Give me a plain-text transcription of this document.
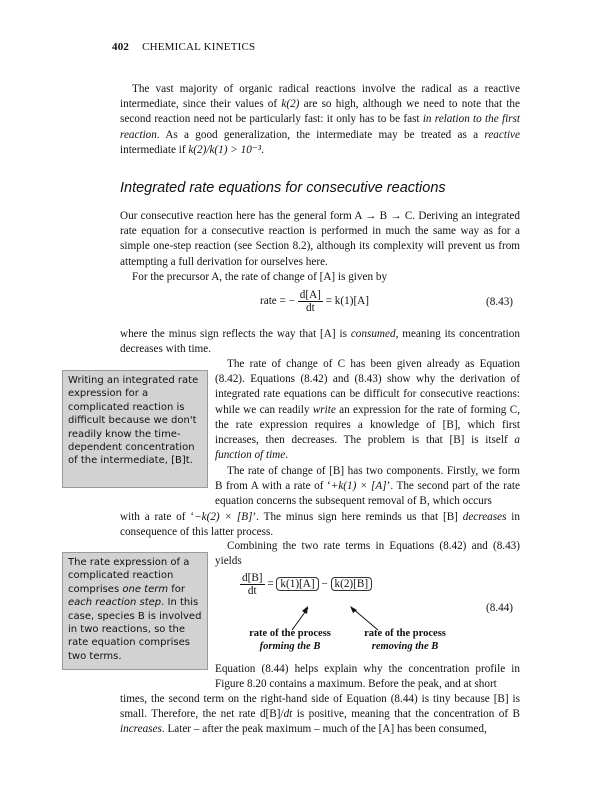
402 CHEMICAL KINETICS

The vast majority of organic radical reactions involve the radical as a reactive intermediate, since their values of k(2) are so high, although we need to note that the second reaction need not be particularly fast: it only has to be fast in relation to the first reaction. As a good generalization, the intermediate may be treated as a reactive intermediate if k(2)/k(1) > 10⁻³.

Integrated rate equations for consecutive reactions

Our consecutive reaction here has the general form A → B → C. Deriving an integrated rate equation for a consecutive reaction is performed in much the same way as for a simple one-step reaction (see Section 8.2), although its complexity will prevent us from attempting a full derivation for ourselves here.

For the precursor A, the rate of change of [A] is given by

rate = − $\frac{d[A]}{dt} = k(1)[A]$	(8.43)

where the minus sign reflects the way that [A] is consumed, meaning its concentration decreases with time.

Writing an integrated rate expression for a complicated reaction is difficult because we don't readily know the time-dependent concentration of the intermediate, [B]t.

The rate of change of C has been given already as Equation (8.42). Equations (8.42) and (8.43) show why the derivation of integrated rate equations can be difficult for consecutive reactions: while we can readily write an expression for the rate of forming C, the rate expression requires a knowledge of [B], which first increases, then decreases. The problem is that [B] is itself a function of time.

The rate of change of [B] has two components. Firstly, we form B from A with a rate of ‘+k(1) × [A]’. The second part of the rate equation concerns the subsequent removal of B, which occurs

with a rate of ‘−k(2) × [B]’. The minus sign here reminds us that [B] decreases in consequence of this latter process.

The rate expression of a complicated reaction comprises one term for each reaction step. In this case, species B is involved in two reactions, so the rate equation comprises two terms.

Combining the two rate terms in Equations (8.42) and (8.43) yields

$\frac{d[B]}{dt} = k(1)[A] - k(2)[B]$
(8.44)
rate of the process
forming the B
rate of the process
removing the B

Equation (8.44) helps explain why the concentration profile in Figure 8.20 contains a maximum. Before the peak, and at short

times, the second term on the right-hand side of Equation (8.44) is tiny because [B] is small. Therefore, the net rate d[B]/dt is positive, meaning that the concentration of B increases. Later – after the peak maximum – much of the [A] has been consumed,
